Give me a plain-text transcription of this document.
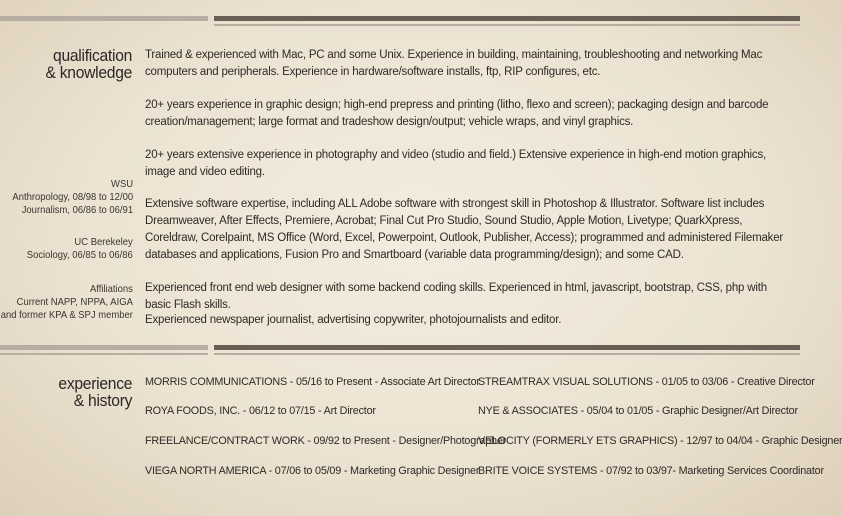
qualification
& knowledge
WSU
Anthropology, 08/98 to 12/00
Journalism, 06/86 to 06/91
UC Berekeley
Sociology, 06/85 to 06/86
Affiliations
Current NAPP, NPPA, AIGA
and former KPA & SPJ member
Trained & experienced with Mac, PC and some Unix. Experience in building, maintaining, troubleshooting and networking Mac computers and peripherals. Experience in hardware/software installs, ftp, RIP configures, etc.
20+ years experience in graphic design; high-end prepress and printing (litho, flexo and screen); packaging design and barcode creation/management; large format and tradeshow design/output; vehicle wraps, and vinyl graphics.
20+ years extensive experience in photography and video (studio and field.) Extensive experience in high-end motion graphics, image and video editing.
Extensive software expertise, including ALL Adobe software with strongest skill in Photoshop & Illustrator. Software list includes Dreamweaver, After Effects, Premiere, Acrobat; Final Cut Pro Studio, Sound Studio, Apple Motion, Livetype; QuarkXpress, Coreldraw, Corelpaint, MS Office (Word, Excel, Powerpoint, Outlook, Publisher, Access); programmed and administered Filemaker databases and applications, Fusion Pro and Smartboard (variable data programming/design); and some CAD.
Experienced front end web designer with some backend coding skills. Experienced in html, javascript, bootstrap, CSS, php with basic Flash skills.
Experienced newspaper journalist, advertising copywriter, photojournalists and editor.
experience
& history
MORRIS COMMUNICATIONS - 05/16 to Present - Associate Art Director
ROYA FOODS, INC. - 06/12 to 07/15 - Art Director
FREELANCE/CONTRACT WORK - 09/92 to Present - Designer/Photographer
VIEGA NORTH AMERICA - 07/06 to 05/09 - Marketing Graphic Designer
STREAMTRAX VISUAL SOLUTIONS - 01/05 to 03/06 - Creative Director
NYE & ASSOCIATES - 05/04 to 01/05 - Graphic Designer/Art Director
VELOCITY (FORMERLY ETS GRAPHICS) - 12/97 to 04/04 - Graphic Designer
BRITE VOICE SYSTEMS - 07/92 to 03/97- Marketing Services Coordinator
